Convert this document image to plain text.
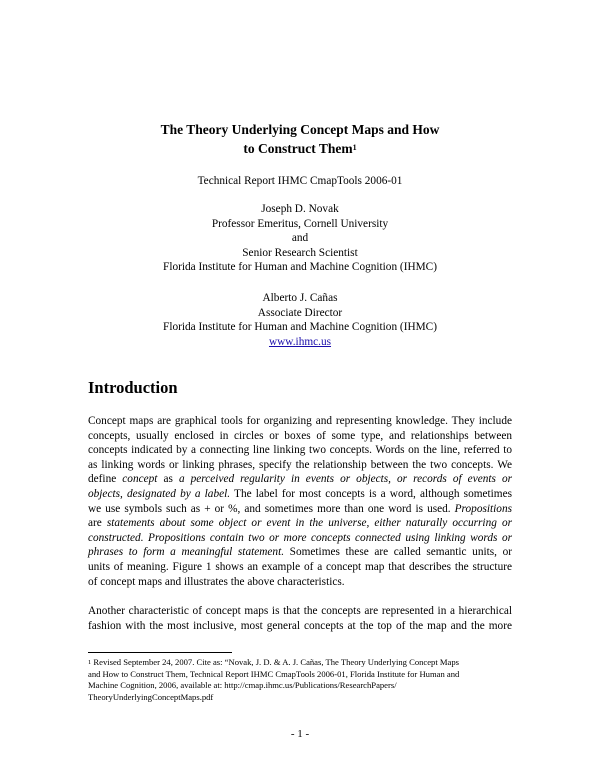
The Theory Underlying Concept Maps and How
to Construct Them$^1$
Technical Report IHMC CmapTools 2006-01
Joseph D. Novak
Professor Emeritus, Cornell University
and
Senior Research Scientist
Florida Institute for Human and Machine Cognition (IHMC)
Alberto J. Cañas
Associate Director
Florida Institute for Human and Machine Cognition (IHMC)
www.ihmc.us
Introduction
Concept maps are graphical tools for organizing and representing knowledge. They include
concepts, usually enclosed in circles or boxes of some type, and relationships between
concepts indicated by a connecting line linking two concepts. Words on the line, referred to
as linking words or linking phrases, specify the relationship between the two concepts. We
define concept as a perceived regularity in events or objects, or records of events or
objects, designated by a label. The label for most concepts is a word, although sometimes
we use symbols such as + or %, and sometimes more than one word is used. Propositions
are statements about some object or event in the universe, either naturally occurring or
constructed. Propositions contain two or more concepts connected using linking words or
phrases to form a meaningful statement. Sometimes these are called semantic units, or
units of meaning. Figure 1 shows an example of a concept map that describes the structure
of concept maps and illustrates the above characteristics.
Another characteristic of concept maps is that the concepts are represented in a hierarchical
fashion with the most inclusive, most general concepts at the top of the map and the more
$^1$ Revised September 24, 2007. Cite as: “Novak, J. D. & A. J. Cañas, The Theory Underlying Concept Maps
and How to Construct Them, Technical Report IHMC CmapTools 2006-01, Florida Institute for Human and
Machine Cognition, 2006, available at: http://cmap.ihmc.us/Publications/ResearchPapers/
TheoryUnderlyingConceptMaps.pdf
- 1 -
